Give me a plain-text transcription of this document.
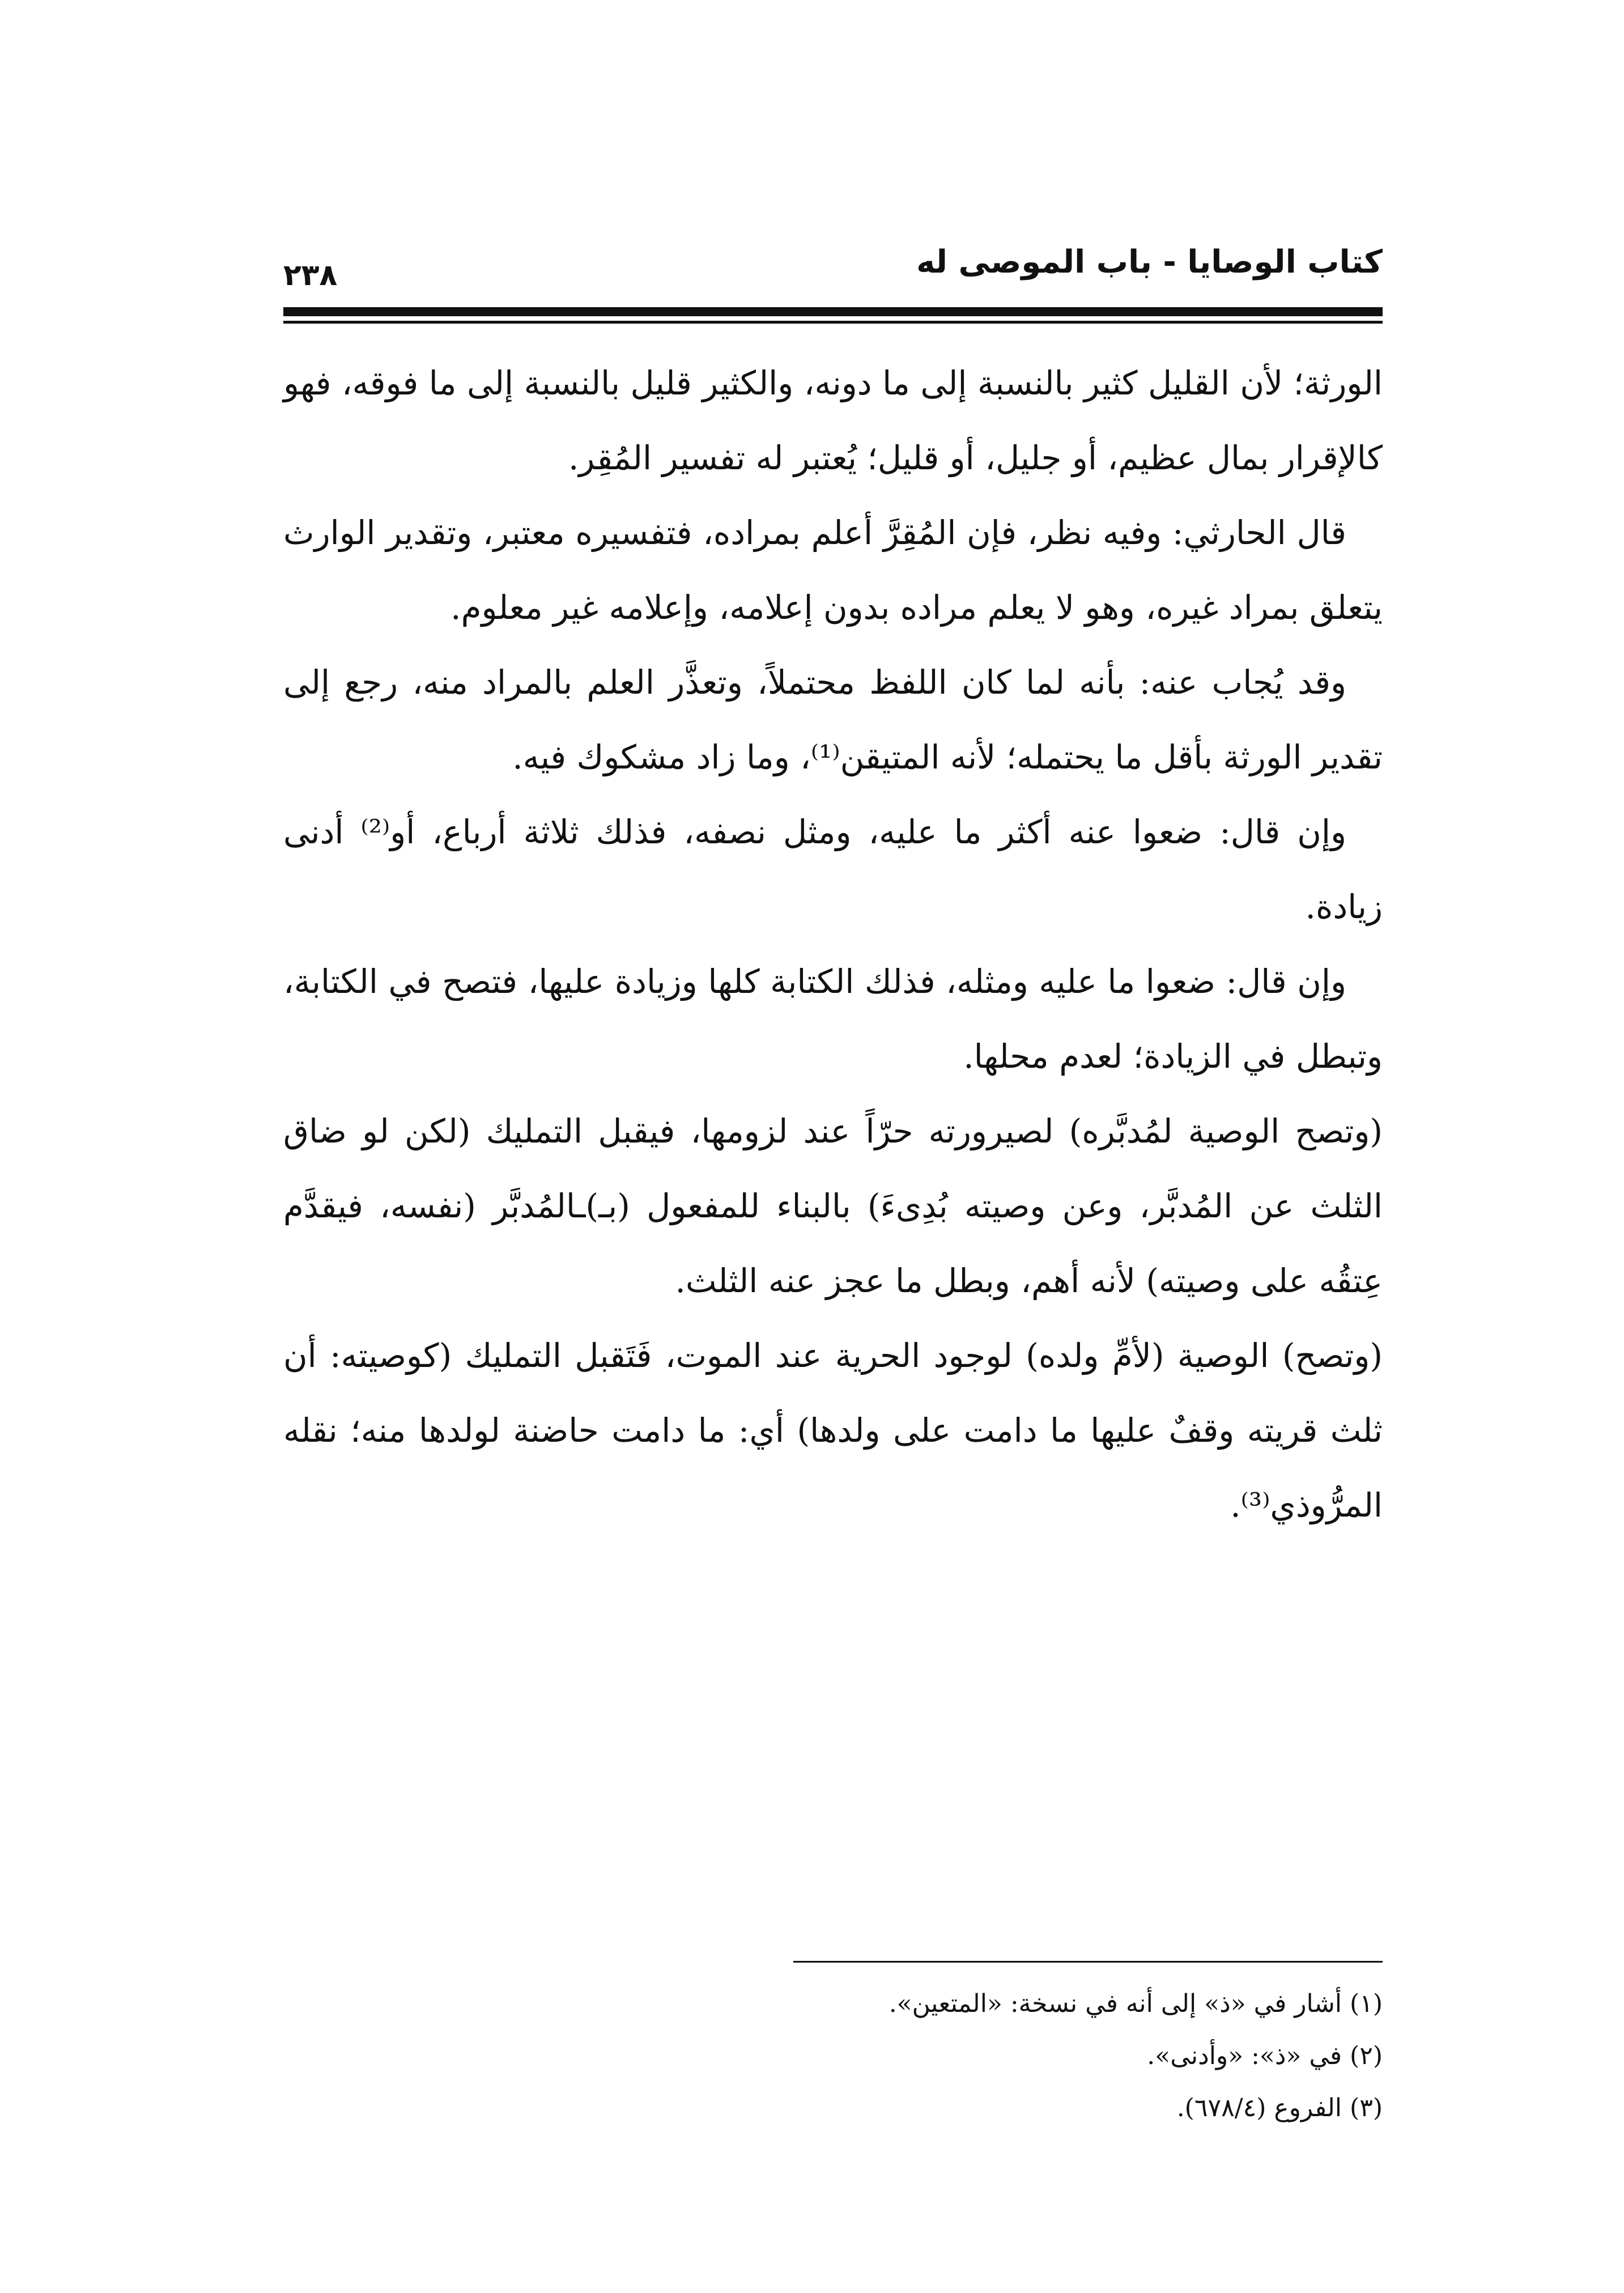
كتاب الوصايا - باب الموصى له
٢٣٨

الورثة؛ لأن القليل كثير بالنسبة إلى ما دونه، والكثير قليل بالنسبة إلى ما فوقه، فهو كالإقرار بمال عظيم، أو جليل، أو قليل؛ يُعتبر له تفسير المُقِر.

قال الحارثي: وفيه نظر، فإن المُقِرَّ أعلم بمراده، فتفسيره معتبر، وتقدير الوارث يتعلق بمراد غيره، وهو لا يعلم مراده بدون إعلامه، وإعلامه غير معلوم.

وقد يُجاب عنه: بأنه لما كان اللفظ محتملاً، وتعذَّر العلم بالمراد منه، رجع إلى تقدير الورثة بأقل ما يحتمله؛ لأنه المتيقن⁽¹⁾، وما زاد مشكوك فيه.

وإن قال: ضعوا عنه أكثر ما عليه، ومثل نصفه، فذلك ثلاثة أرباع، أو⁽²⁾ أدنى زيادة.

وإن قال: ضعوا ما عليه ومثله، فذلك الكتابة كلها وزيادة عليها، فتصح في الكتابة، وتبطل في الزيادة؛ لعدم محلها.

(وتصح الوصية لمُدبَّره) لصيرورته حرّاً عند لزومها، فيقبل التمليك (لكن لو ضاق الثلث عن المُدبَّر، وعن وصيته بُدِىءَ) بالبناء للمفعول (بـ)ـالمُدبَّر (نفسه، فيقدَّم عِتقُه على وصيته) لأنه أهم، وبطل ما عجز عنه الثلث.

(وتصح) الوصية (لأمِّ ولده) لوجود الحرية عند الموت، فَتَقبل التمليك (كوصيته: أن ثلث قريته وقفٌ عليها ما دامت على ولدها) أي: ما دامت حاضنة لولدها منه؛ نقله المرُّوذي⁽³⁾.

(١) أشار في «ذ» إلى أنه في نسخة: «المتعين».

(٢) في «ذ»: «وأدنى».

(٣) الفروع (٦٧٨/٤).
